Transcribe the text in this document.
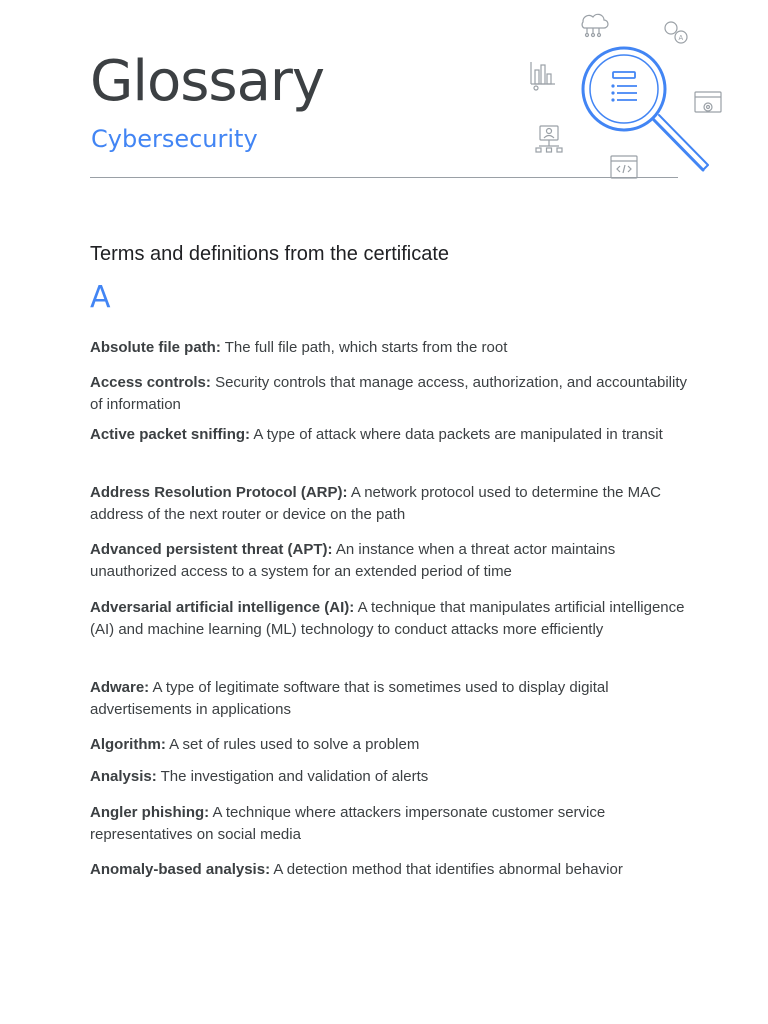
Glossary
Cybersecurity
A
Terms and definitions from the certificate
A

Absolute file path: The full file path, which starts from the root

Access controls: Security controls that manage access, authorization, and accountability of information

Active packet sniffing: A type of attack where data packets are manipulated in transit

Address Resolution Protocol (ARP): A network protocol used to determine the MAC address of the next router or device on the path

Advanced persistent threat (APT): An instance when a threat actor maintains unauthorized access to a system for an extended period of time

Adversarial artificial intelligence (AI): A technique that manipulates artificial intelligence (AI) and machine learning (ML) technology to conduct attacks more efficiently

Adware: A type of legitimate software that is sometimes used to display digital advertisements in applications

Algorithm: A set of rules used to solve a problem

Analysis: The investigation and validation of alerts

Angler phishing: A technique where attackers impersonate customer service representatives on social media

Anomaly-based analysis: A detection method that identifies abnormal behavior
